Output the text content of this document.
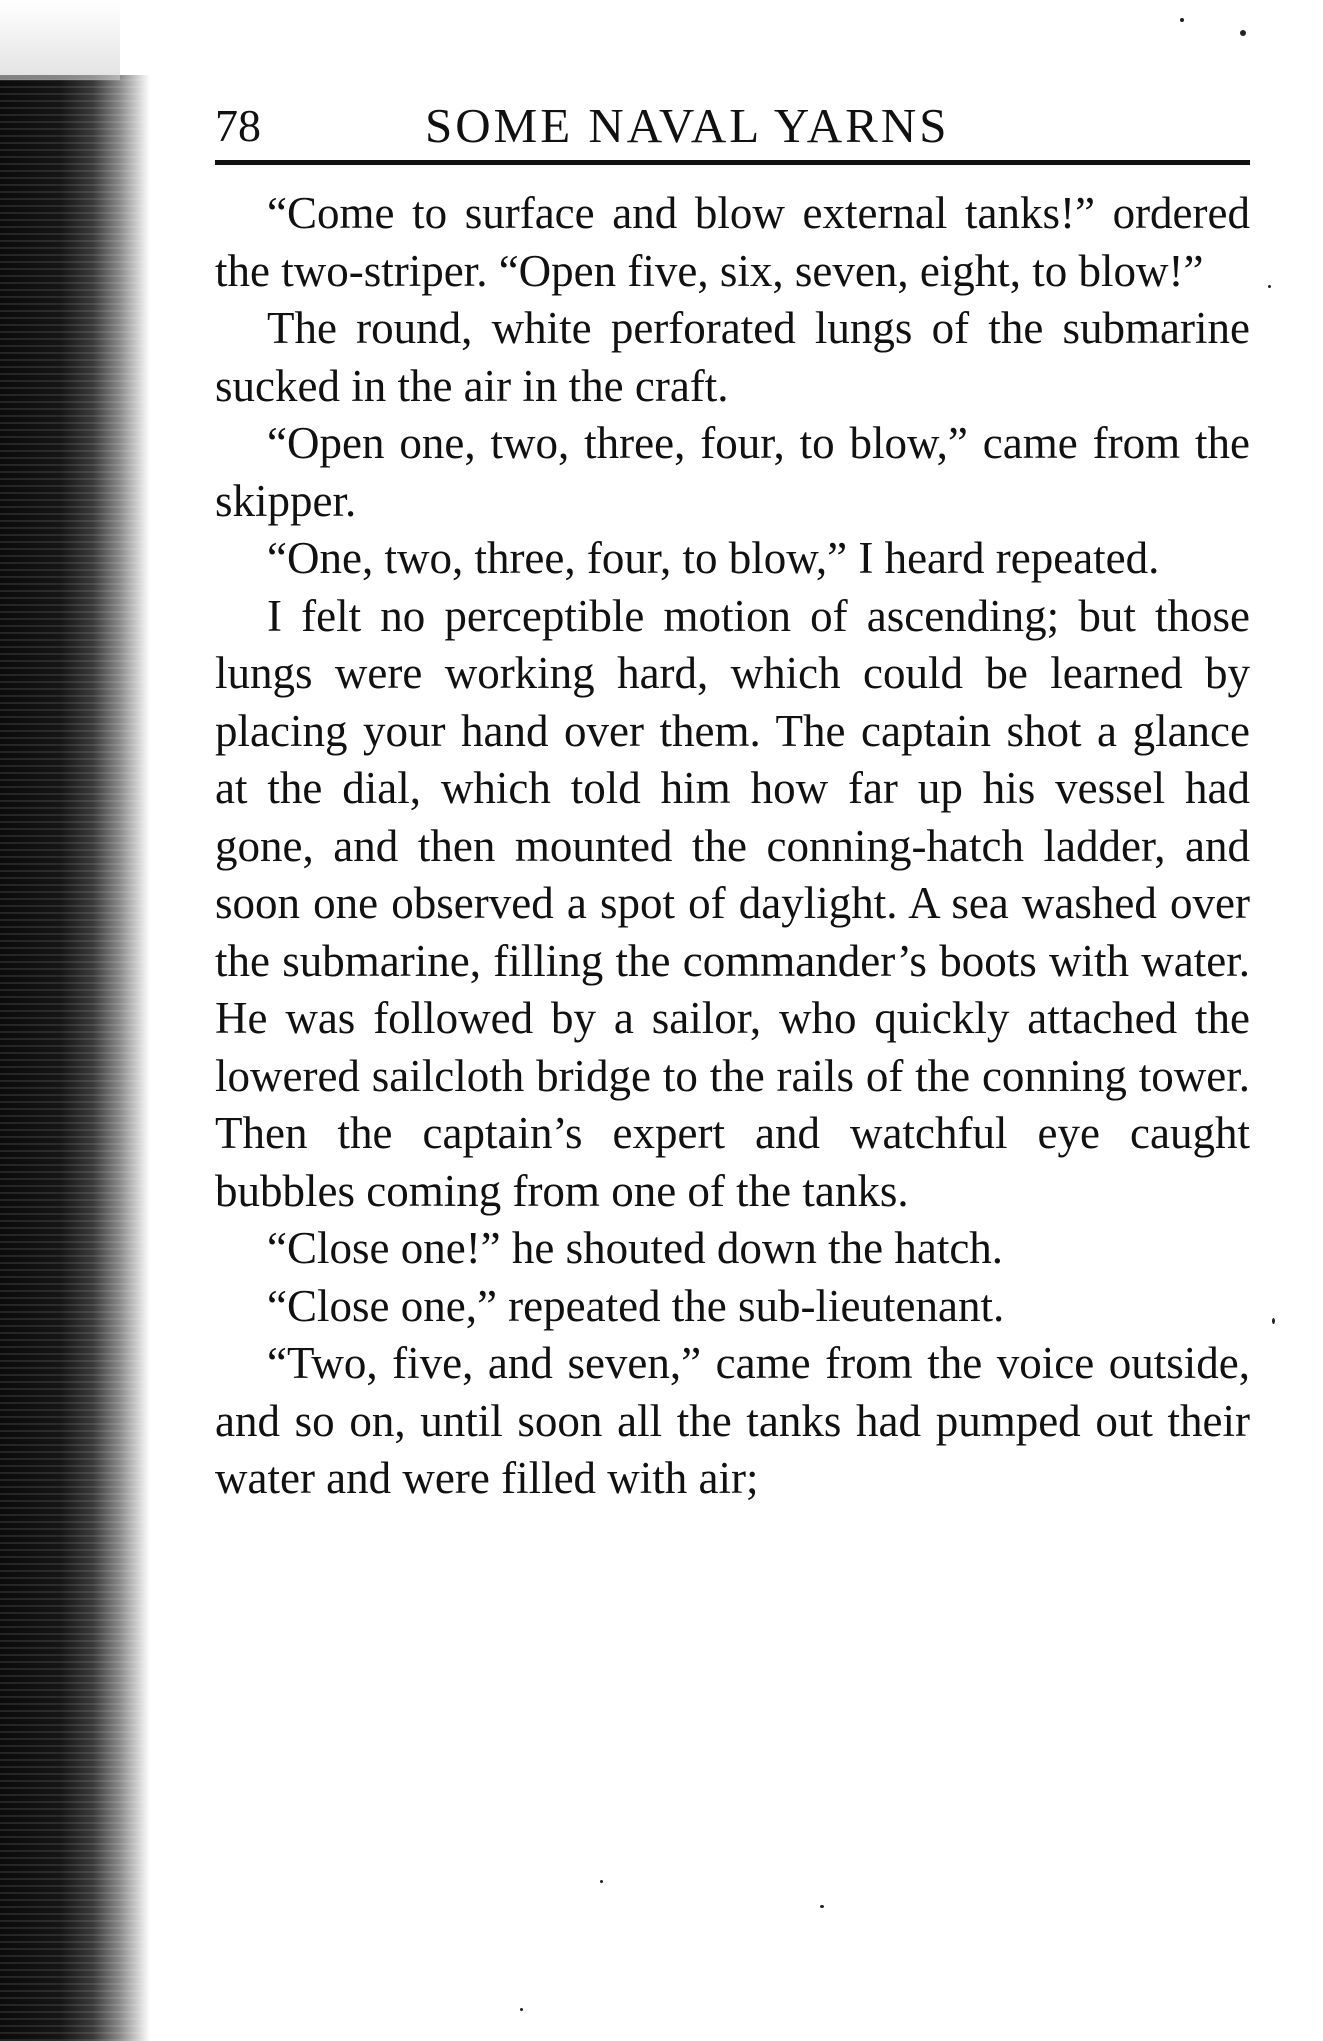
78	SOME NAVAL YARNS

“Come to surface and blow external tanks!” ordered the two-striper. “Open five, six, seven, eight, to blow!”

The round, white perforated lungs of the submarine sucked in the air in the craft.

“Open one, two, three, four, to blow,” came from the skipper.

“One, two, three, four, to blow,” I heard repeated.

I felt no perceptible motion of ascending; but those lungs were working hard, which could be learned by placing your hand over them. The captain shot a glance at the dial, which told him how far up his vessel had gone, and then mounted the conning-hatch ladder, and soon one observed a spot of daylight. A sea washed over the submarine, filling the commander’s boots with water. He was followed by a sailor, who quickly attached the lowered sailcloth bridge to the rails of the conning tower. Then the captain’s expert and watchful eye caught bubbles coming from one of the tanks.

“Close one!” he shouted down the hatch.

“Close one,” repeated the sub-lieutenant.

“Two, five, and seven,” came from the voice outside, and so on, until soon all the tanks had pumped out their water and were filled with air;
